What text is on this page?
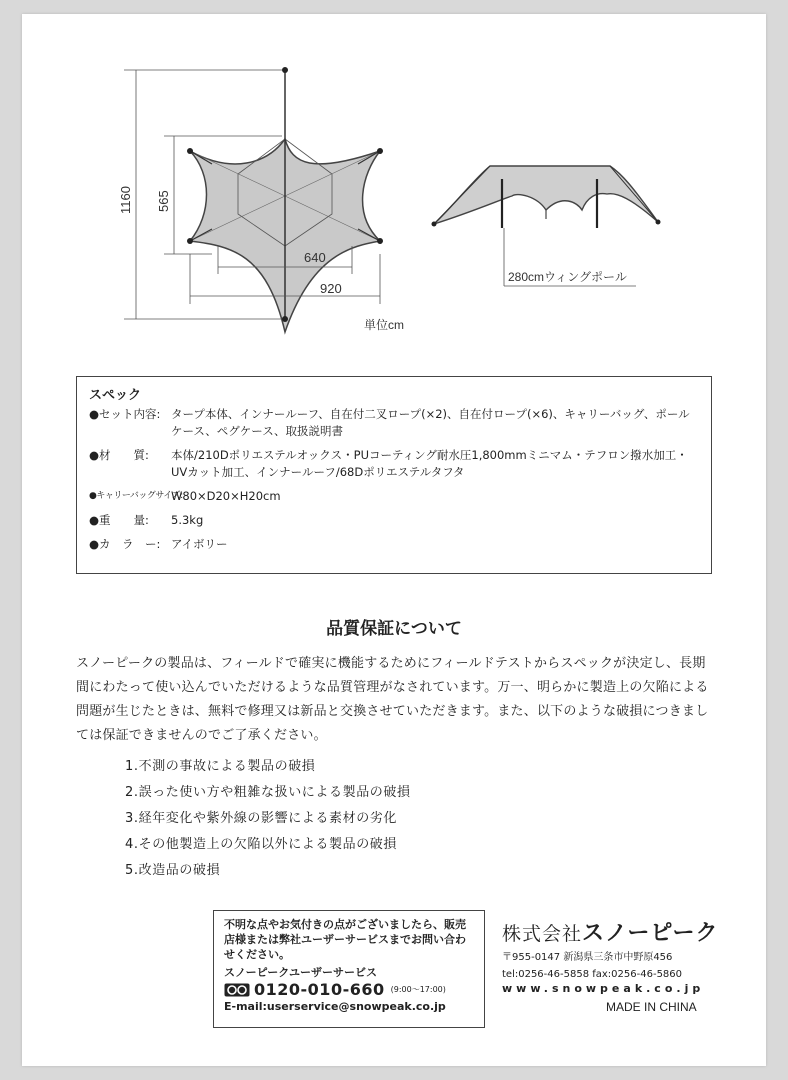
1160 565
640
920
単位cm
280cmウィングポール
スペック
●セット内容: タープ本体、インナールーフ、自在付二叉ロープ(×2)、自在付ロープ(×6)、キャリーバッグ、ポールケース、ペグケース、取扱説明書
●材　　質:	本体/210Dポリエステルオックス・PUコーティング耐水圧1,800mmミニマム・テフロン撥水加工・UVカット加工、インナールーフ/68Dポリエステルタフタ
●キャリーバッグサイズ:
W80×D20×H20cm
●重　　量:	5.3kg
●カ　ラ　ー: アイボリー
品質保証について
スノーピークの製品は、フィールドで確実に機能するためにフィールドテストからスペックが決定し、長期間にわたって使い込んでいただけるような品質管理がなされています。万一、明らかに製造上の欠陥による問題が生じたときは、無料で修理又は新品と交換させていただきます。また、以下のような破損につきましては保証できませんのでご了承ください。
1.不測の事故による製品の破損
2.誤った使い方や粗雑な扱いによる製品の破損
3.経年変化や紫外線の影響による素材の劣化
4.その他製造上の欠陥以外による製品の破損
5.改造品の破損
不明な点やお気付きの点がございましたら、販売店様または弊社ユーザーサービスまでお問い合わせください。
スノーピークユーザーサービス
0120-010-660 (9:00〜17:00)
E-mail:userservice@snowpeak.co.jp
株式会社スノーピーク
〒955-0147 新潟県三条市中野原456
tel:0256-46-5858 fax:0256-46-5860
www.snowpeak.co.jp
MADE IN CHINA
